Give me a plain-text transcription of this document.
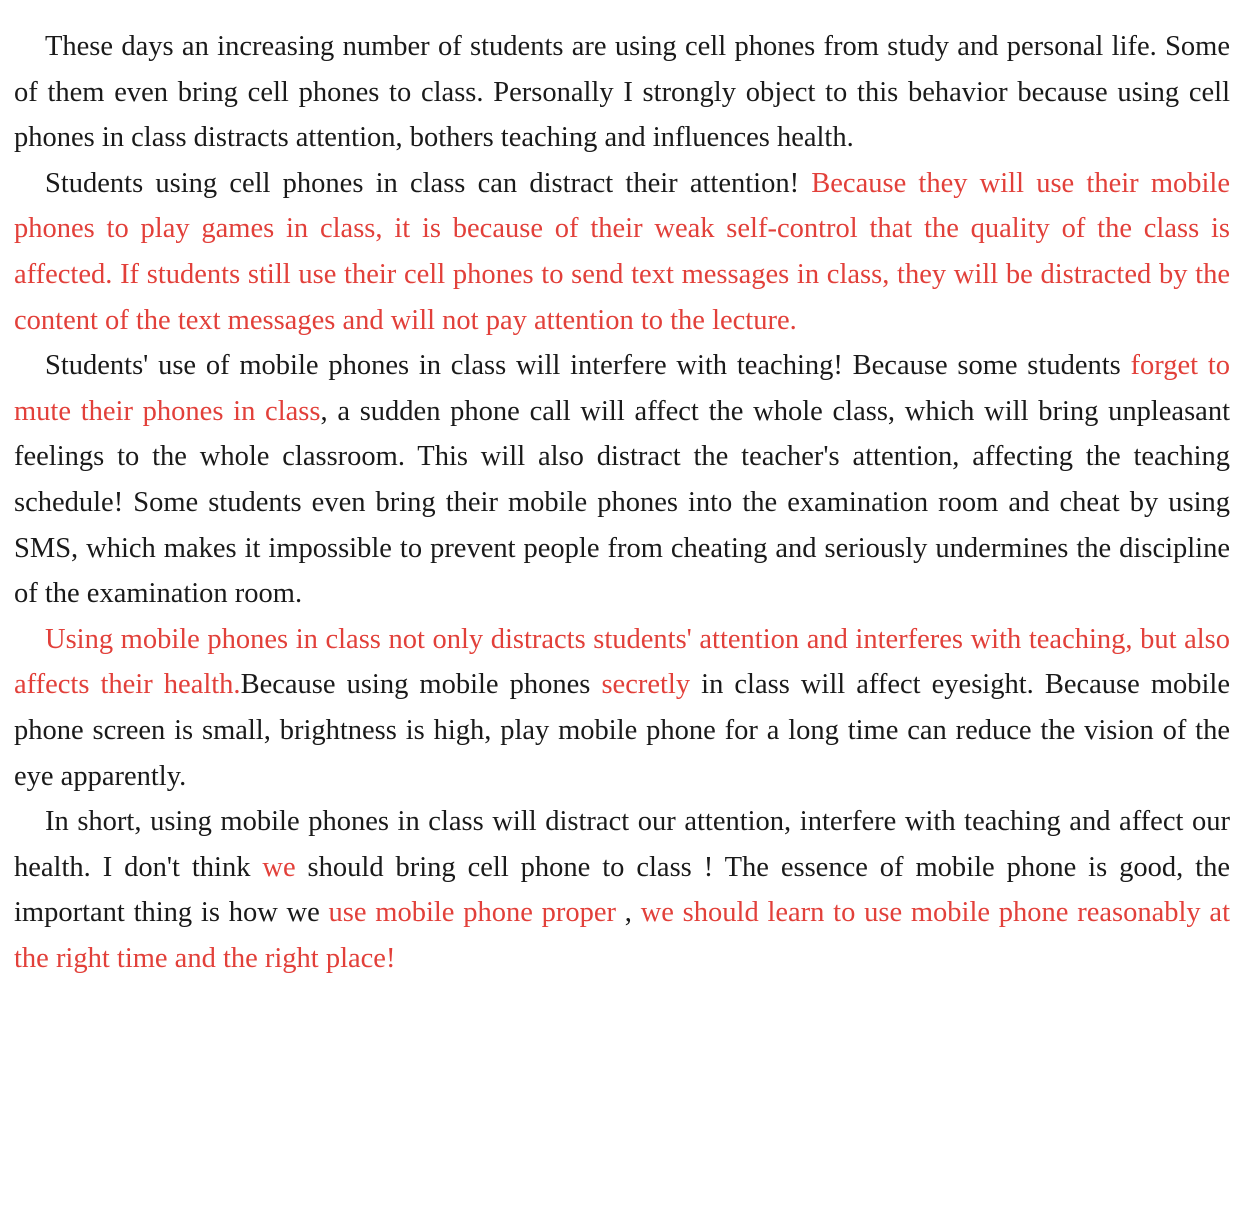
These days an increasing number of students are using cell phones from study and personal life. Some of them even bring cell phones to class. Personally I strongly object to this behavior because using cell phones in class distracts attention, bothers teaching and influences health.

Students using cell phones in class can distract their attention! Because they will use their mobile phones to play games in class, it is because of their weak self-control that the quality of the class is affected. If students still use their cell phones to send text messages in class, they will be distracted by the content of the text messages and will not pay attention to the lecture.

Students' use of mobile phones in class will interfere with teaching! Because some students forget to mute their phones in class, a sudden phone call will affect the whole class, which will bring unpleasant feelings to the whole classroom. This will also distract the teacher's attention, affecting the teaching schedule! Some students even bring their mobile phones into the examination room and cheat by using SMS, which makes it impossible to prevent people from cheating and seriously undermines the discipline of the examination room.

Using mobile phones in class not only distracts students' attention and interferes with teaching, but also affects their health.Because using mobile phones secretly in class will affect eyesight. Because mobile phone screen is small, brightness is high, play mobile phone for a long time can reduce the vision of the eye apparently.

In short, using mobile phones in class will distract our attention, interfere with teaching and affect our health. I don't think we should bring cell phone to class ! The essence of mobile phone is good, the important thing is how we use mobile phone proper , we should learn to use mobile phone reasonably at the right time and the right place!
